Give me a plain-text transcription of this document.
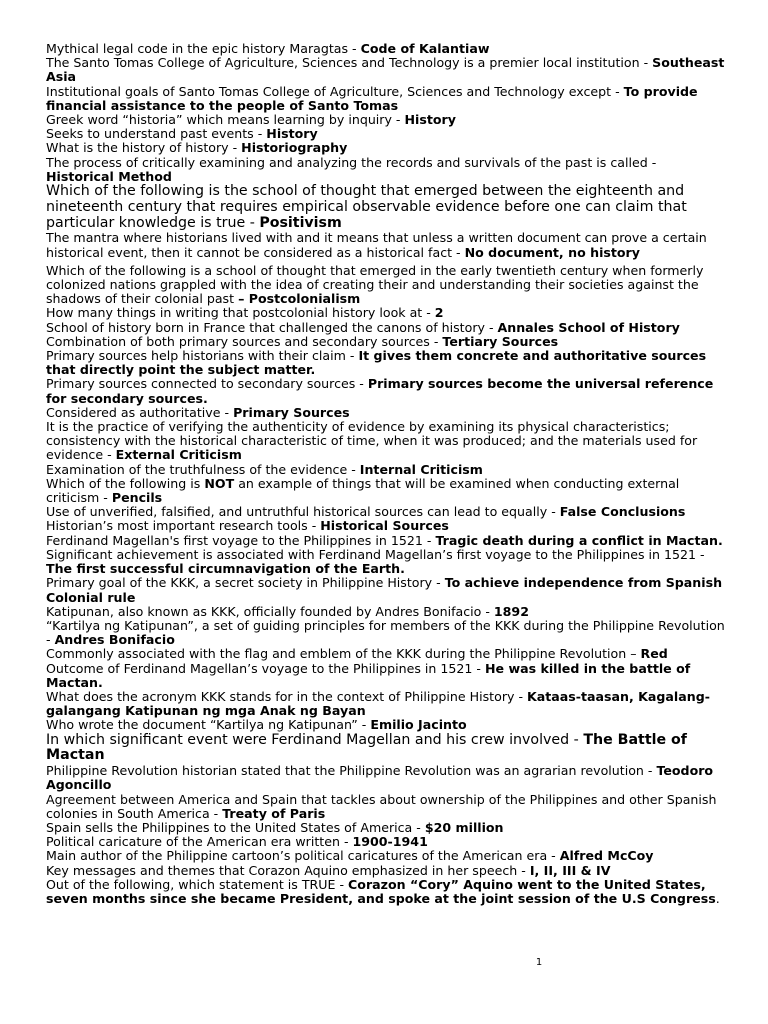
Mythical legal code in the epic history Maragtas - Code of Kalantiaw

The Santo Tomas College of Agriculture, Sciences and Technology is a premier local institution - Southeast Asia

Institutional goals of Santo Tomas College of Agriculture, Sciences and Technology except - To provide financial assistance to the people of Santo Tomas

Greek word “historia” which means learning by inquiry - History

Seeks to understand past events - History

What is the history of history - Historiography

The process of critically examining and analyzing the records and survivals of the past is called - Historical Method

Which of the following is the school of thought that emerged between the eighteenth and nineteenth century that requires empirical observable evidence before one can claim that particular knowledge is true - Positivism

The mantra where historians lived with and it means that unless a written document can prove a certain historical event, then it cannot be considered as a historical fact - No document, no history

Which of the following is a school of thought that emerged in the early twentieth century when formerly colonized nations grappled with the idea of creating their and understanding their societies against the shadows of their colonial past – Postcolonialism

How many things in writing that postcolonial history look at - 2

School of history born in France that challenged the canons of history - Annales School of History

Combination of both primary sources and secondary sources - Tertiary Sources

Primary sources help historians with their claim - It gives them concrete and authoritative sources that directly point the subject matter.

Primary sources connected to secondary sources - Primary sources become the universal reference for secondary sources.

Considered as authoritative - Primary Sources

It is the practice of verifying the authenticity of evidence by examining its physical characteristics; consistency with the historical characteristic of time, when it was produced; and the materials used for evidence - External Criticism

Examination of the truthfulness of the evidence - Internal Criticism

Which of the following is NOT an example of things that will be examined when conducting external criticism - Pencils

Use of unverified, falsified, and untruthful historical sources can lead to equally - False Conclusions

Historian’s most important research tools - Historical Sources

Ferdinand Magellan's first voyage to the Philippines in 1521 - Tragic death during a conflict in Mactan.

Significant achievement is associated with Ferdinand Magellan’s first voyage to the Philippines in 1521 - The first successful circumnavigation of the Earth.

Primary goal of the KKK, a secret society in Philippine History - To achieve independence from Spanish Colonial rule

Katipunan, also known as KKK, officially founded by Andres Bonifacio - 1892

“Kartilya ng Katipunan”, a set of guiding principles for members of the KKK during the Philippine Revolution - Andres Bonifacio

Commonly associated with the flag and emblem of the KKK during the Philippine Revolution – Red

Outcome of Ferdinand Magellan’s voyage to the Philippines in 1521 - He was killed in the battle of Mactan.

What does the acronym KKK stands for in the context of Philippine History - Kataas-taasan, Kagalang-galangang Katipunan ng mga Anak ng Bayan

Who wrote the document “Kartilya ng Katipunan” - Emilio Jacinto

In which significant event were Ferdinand Magellan and his crew involved - The Battle of Mactan

Philippine Revolution historian stated that the Philippine Revolution was an agrarian revolution - Teodoro Agoncillo

Agreement between America and Spain that tackles about ownership of the Philippines and other Spanish colonies in South America - Treaty of Paris

Spain sells the Philippines to the United States of America - $20 million

Political caricature of the American era written - 1900-1941

Main author of the Philippine cartoon’s political caricatures of the American era - Alfred McCoy

Key messages and themes that Corazon Aquino emphasized in her speech - I, II, III & IV

Out of the following, which statement is TRUE - Corazon “Cory” Aquino went to the United States, seven months since she became President, and spoke at the joint session of the U.S Congress.

1
